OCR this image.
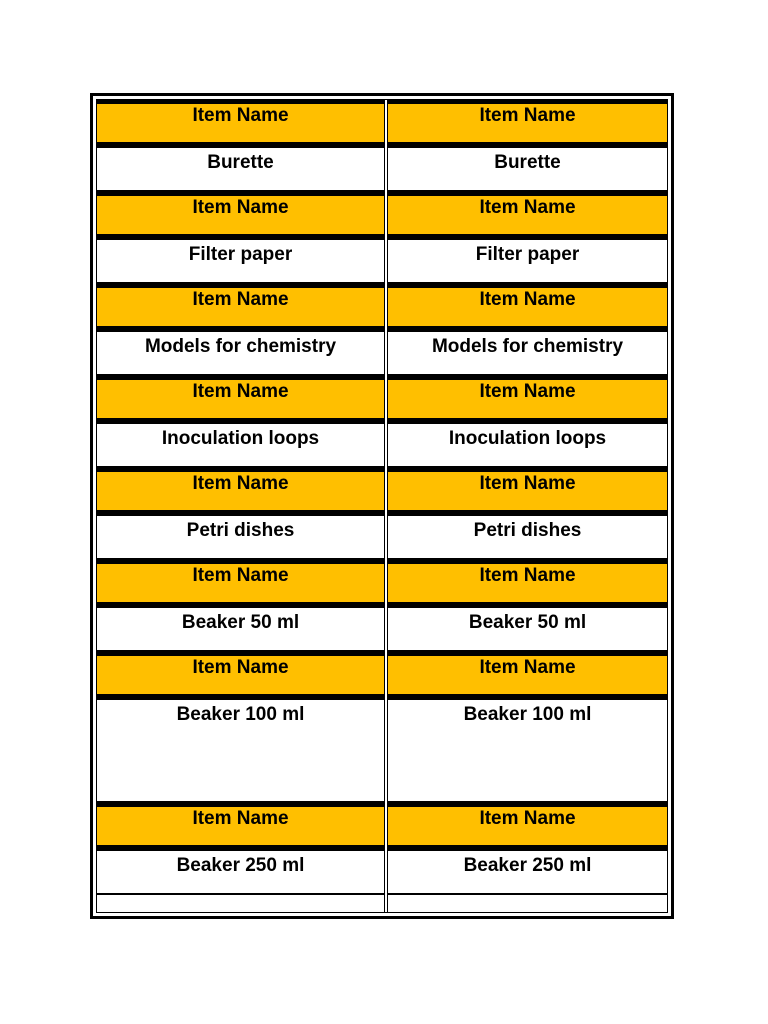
Item Name	Item Name
Burette	Burette
Item Name	Item Name
Filter paper	Filter paper
Item Name	Item Name
Models for chemistry	Models for chemistry
Item Name	Item Name
Inoculation loops	Inoculation loops
Item Name	Item Name
Petri dishes	Petri dishes
Item Name	Item Name
Beaker 50 ml	Beaker 50 ml
Item Name	Item Name
Beaker 100 ml	Beaker 100 ml
Item Name	Item Name
Beaker 250 ml	Beaker 250 ml
